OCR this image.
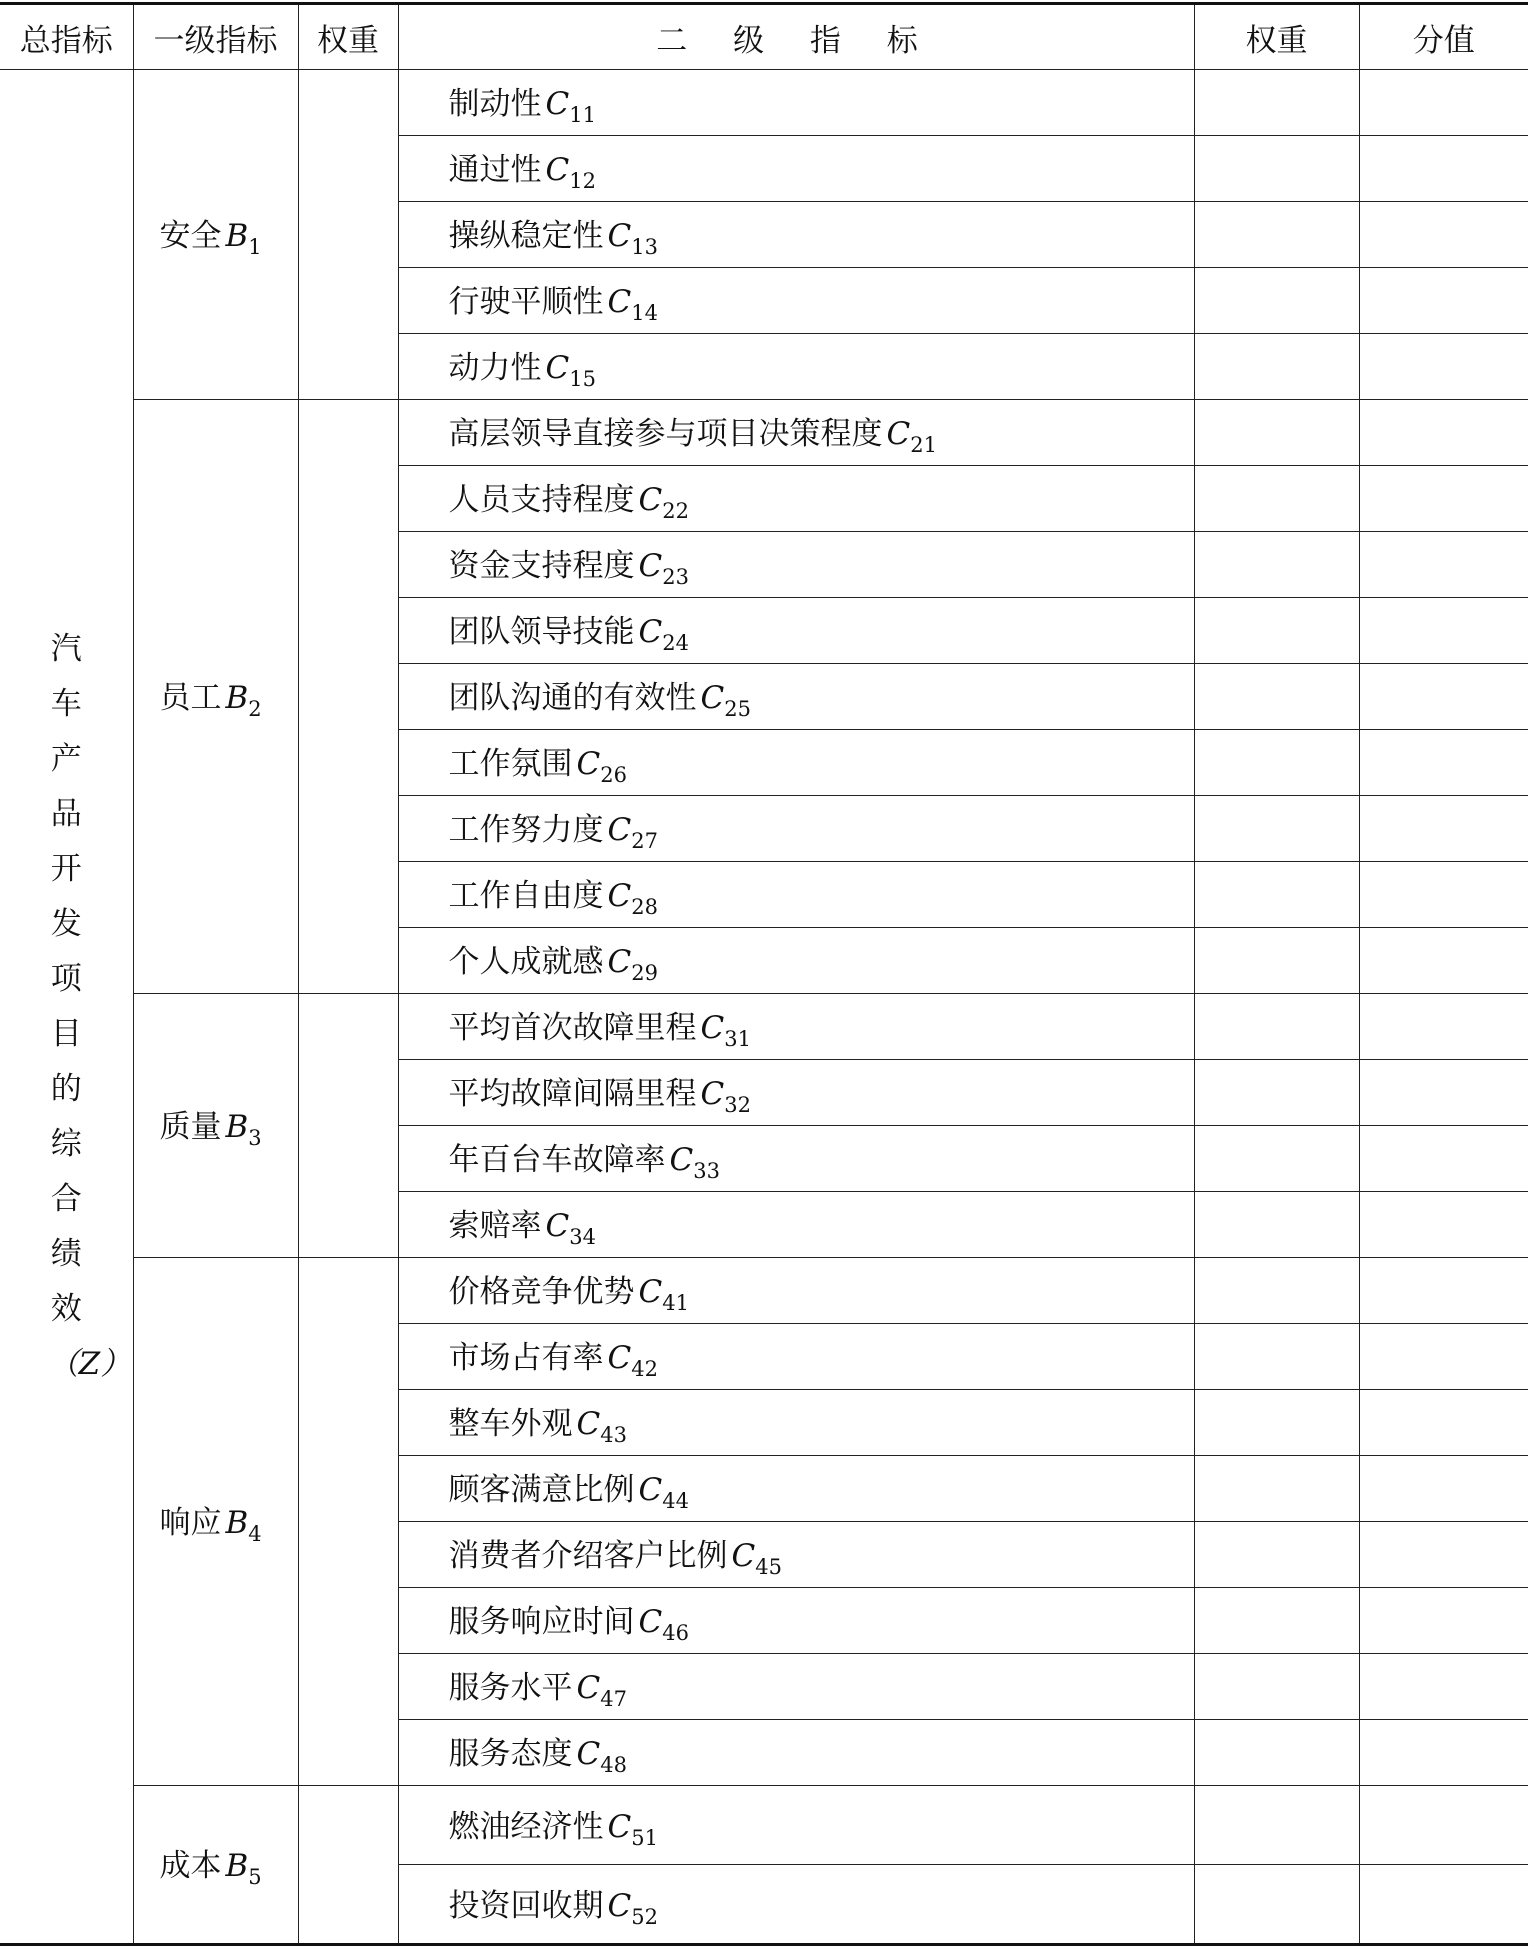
总指标	一级指标	权重	二 级 指 标	权重	分值
汽车产品开发项目的综合绩效（Z）	安全 $B_1$		制动性 $C_{11}$		
			通过性 $C_{12}$		
			操纵稳定性 $C_{13}$		
			行驶平顺性 $C_{14}$		
			动力性 $C_{15}$		
	员工 $B_2$		高层领导直接参与项目决策程度 $C_{21}$		
			人员支持程度 $C_{22}$		
			资金支持程度 $C_{23}$		
			团队领导技能 $C_{24}$		
			团队沟通的有效性 $C_{25}$		
			工作氛围 $C_{26}$		
			工作努力度 $C_{27}$		
			工作自由度 $C_{28}$		
			个人成就感 $C_{29}$		
	质量 $B_3$		平均首次故障里程 $C_{31}$		
			平均故障间隔里程 $C_{32}$		
			年百台车故障率 $C_{33}$		
			索赔率 $C_{34}$		
	响应 $B_4$		价格竞争优势 $C_{41}$		
			市场占有率 $C_{42}$		
			整车外观 $C_{43}$		
			顾客满意比例 $C_{44}$		
			消费者介绍客户比例 $C_{45}$		
			服务响应时间 $C_{46}$		
			服务水平 $C_{47}$		
			服务态度 $C_{48}$		
	成本 $B_5$		燃油经济性 $C_{51}$		
			投资回收期 $C_{52}$		
